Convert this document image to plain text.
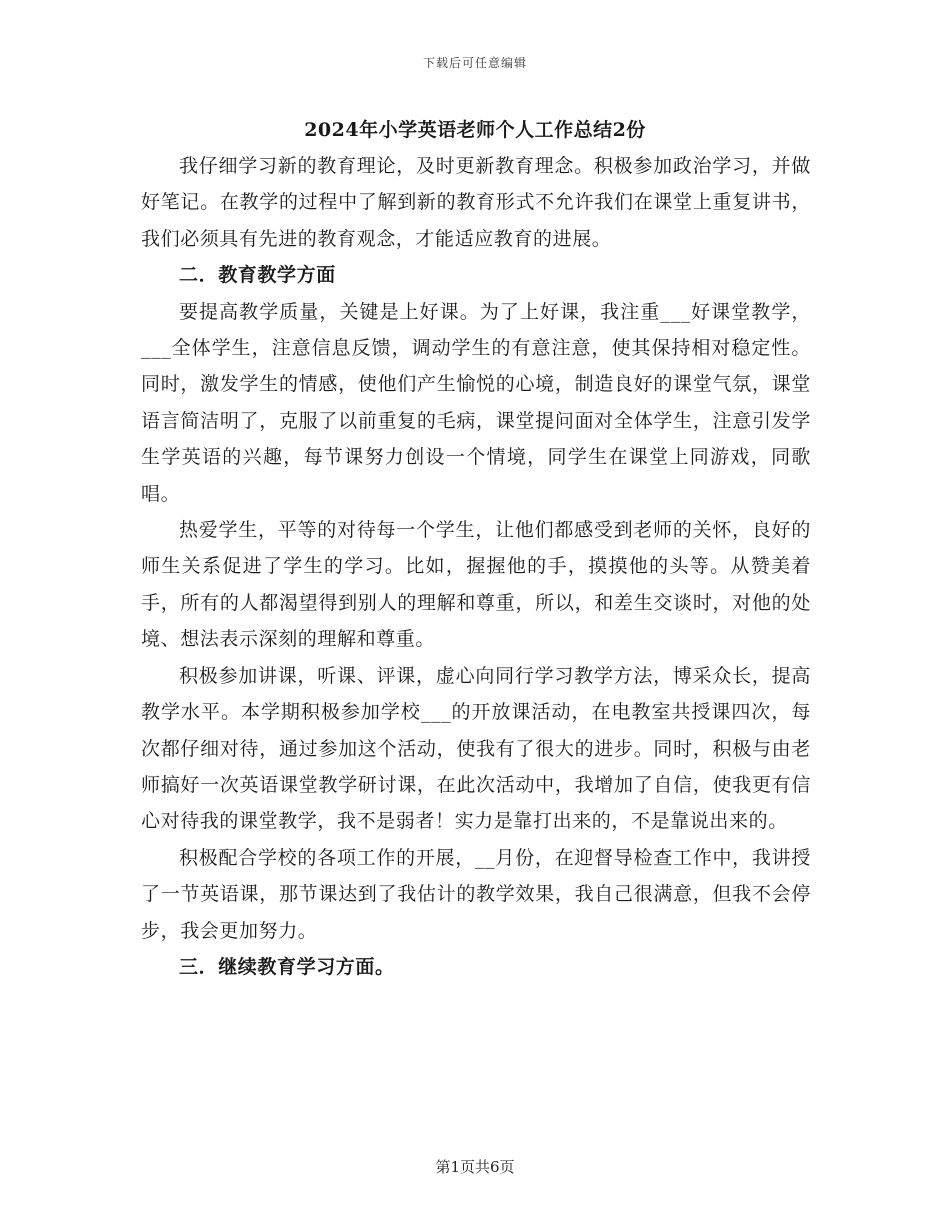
下载后可任意编辑
2024年小学英语老师个人工作总结2份

我仔细学习新的教育理论，及时更新教育理念。积极参加政治学习，并做好笔记。在教学的过程中了解到新的教育形式不允许我们在课堂上重复讲书，我们必须具有先进的教育观念，才能适应教育的进展。

二．教育教学方面

要提高教学质量，关键是上好课。为了上好课，我注重___好课堂教学，___全体学生，注意信息反馈，调动学生的有意注意，使其保持相对稳定性。同时，激发学生的情感，使他们产生愉悦的心境，制造良好的课堂气氛，课堂语言简洁明了，克服了以前重复的毛病，课堂提问面对全体学生，注意引发学生学英语的兴趣，每节课努力创设一个情境，同学生在课堂上同游戏，同歌唱。

热爱学生，平等的对待每一个学生，让他们都感受到老师的关怀，良好的师生关系促进了学生的学习。比如，握握他的手，摸摸他的头等。从赞美着手，所有的人都渴望得到别人的理解和尊重，所以，和差生交谈时，对他的处境、想法表示深刻的理解和尊重。

积极参加讲课，听课、评课，虚心向同行学习教学方法，博采众长，提高教学水平。本学期积极参加学校___的开放课活动，在电教室共授课四次，每次都仔细对待，通过参加这个活动，使我有了很大的进步。同时，积极与由老师搞好一次英语课堂教学研讨课，在此次活动中，我增加了自信，使我更有信心对待我的课堂教学，我不是弱者！实力是靠打出来的，不是靠说出来的。

积极配合学校的各项工作的开展，__月份，在迎督导检查工作中，我讲授了一节英语课，那节课达到了我估计的教学效果，我自己很满意，但我不会停步，我会更加努力。

三．继续教育学习方面。

第1页共6页
